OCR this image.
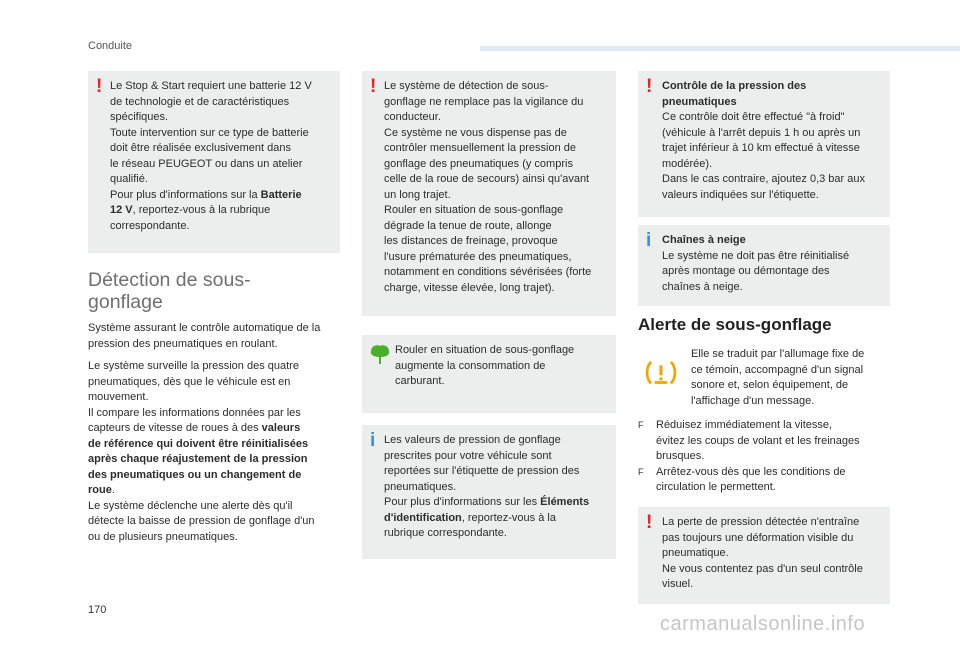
Conduite
! Le Stop & Start requiert une batterie 12 V

de technologie et de caractéristiques

spécifiques.

Toute intervention sur ce type de batterie

doit être réalisée exclusivement dans

le réseau PEUGEOT ou dans un atelier

qualifié.

Pour plus d'informations sur la Batterie

12 V, reportez-vous à la rubrique

correspondante.

Détection de sous-
gonflage

Système assurant le contrôle automatique de la

pression des pneumatiques en roulant.

Le système surveille la pression des quatre

pneumatiques, dès que le véhicule est en

mouvement.

Il compare les informations données par les

capteurs de vitesse de roues à des valeurs

de référence qui doivent être réinitialisées

après chaque réajustement de la pression

des pneumatiques ou un changement de

roue.

Le système déclenche une alerte dès qu'il

détecte la baisse de pression de gonflage d'un

ou de plusieurs pneumatiques.

! Le système de détection de sous-

gonflage ne remplace pas la vigilance du

conducteur.

Ce système ne vous dispense pas de

contrôler mensuellement la pression de

gonflage des pneumatiques (y compris

celle de la roue de secours) ainsi qu'avant

un long trajet.

Rouler en situation de sous-gonflage

dégrade la tenue de route, allonge

les distances de freinage, provoque

l'usure prématurée des pneumatiques,

notamment en conditions sévérisées (forte

charge, vitesse élevée, long trajet).

Rouler en situation de sous-gonflage

augmente la consommation de

carburant.

i Les valeurs de pression de gonflage

prescrites pour votre véhicule sont

reportées sur l'étiquette de pression des

pneumatiques.

Pour plus d'informations sur les Éléments

d'identification, reportez-vous à la

rubrique correspondante.

! Contrôle de la pression des

pneumatiques

Ce contrôle doit être effectué "à froid"

(véhicule à l'arrêt depuis 1 h ou après un

trajet inférieur à 10 km effectué à vitesse

modérée).

Dans le cas contraire, ajoutez 0,3 bar aux

valeurs indiquées sur l'étiquette.

i Chaînes à neige

Le système ne doit pas être réinitialisé

après montage ou démontage des

chaînes à neige.

Alerte de sous-gonflage

Elle se traduit par l'allumage fixe de

ce témoin, accompagné d'un signal

sonore et, selon équipement, de

l'affichage d'un message.

F Réduisez immédiatement la vitesse,

évitez les coups de volant et les freinages

brusques.

F Arrêtez-vous dès que les conditions de

circulation le permettent.

! La perte de pression détectée n'entraîne

pas toujours une déformation visible du

pneumatique.

Ne vous contentez pas d'un seul contrôle

visuel.

170
carmanualsonline.info
